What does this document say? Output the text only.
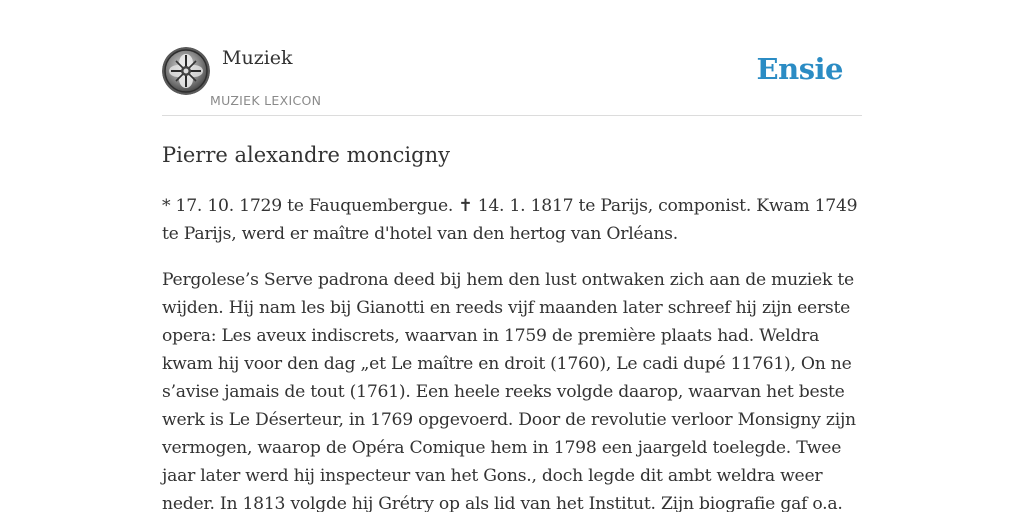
Muziek
MUZIEK LEXICON
Ensie
Pierre alexandre moncigny

* 17. 10. 1729 te Fauquembergue. ✝ 14. 1. 1817 te Parijs, componist. Kwam 1749 te Parijs, werd er maître d'hotel van den hertog van Orléans.

Pergolese’s Serve padrona deed bij hem den lust ontwaken zich aan de muziek te wijden. Hij nam les bij Gianotti en reeds vijf maanden later schreef hij zijn eerste opera: Les aveux indiscrets, waarvan in 1759 de première plaats had. Weldra kwam hij voor den dag „et Le maître en droit (1760), Le cadi dupé 11761), On ne s’avise jamais de tout (1761). Een heele reeks volgde daarop, waarvan het beste werk is Le Déserteur, in 1769 opgevoerd. Door de revolutie verloor Monsigny zijn vermogen, waarop de Opéra Comique hem in 1798 een jaargeld toelegde. Twee jaar later werd hij inspecteur van het Gons., doch legde dit ambt weldra weer neder. In 1813 volgde hij Grétry op als lid van het Institut. Zijn biografie gaf o.a.
